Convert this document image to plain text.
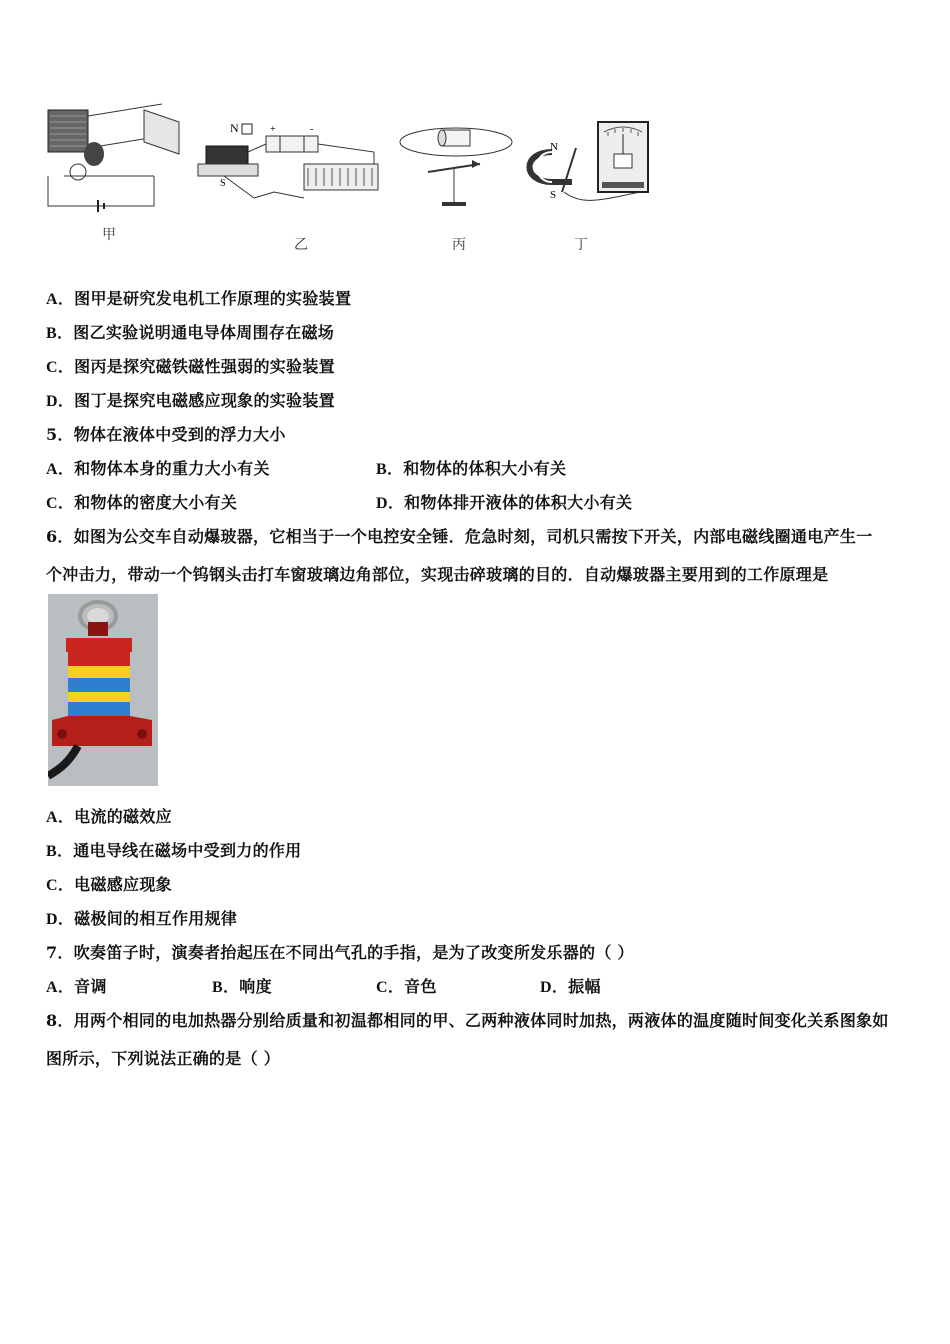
甲
N
S
+	-
乙	丙
N
S
丁
A．图甲是研究发电机工作原理的实验装置
B．图乙实验说明通电导体周围存在磁场
C．图丙是探究磁铁磁性强弱的实验装置
D．图丁是探究电磁感应现象的实验装置
5．物体在液体中受到的浮力大小
A．和物体本身的重力大小有关	B．和物体的体积大小有关
C．和物体的密度大小有关	D．和物体排开液体的体积大小有关
6．如图为公交车自动爆玻器，它相当于一个电控安全锤．危急时刻，司机只需按下开关，内部电磁线圈通电产生一
个冲击力，带动一个钨钢头击打车窗玻璃边角部位，实现击碎玻璃的目的．自动爆玻器主要用到的工作原理是
A．电流的磁效应
B．通电导线在磁场中受到力的作用
C．电磁感应现象
D．磁极间的相互作用规律
7．吹奏笛子时，演奏者抬起压在不同出气孔的手指，是为了改变所发乐器的（ ）
A．音调	B．响度	C．音色	D．振幅
8．用两个相同的电加热器分别给质量和初温都相同的甲、乙两种液体同时加热，两液体的温度随时间变化关系图象如
图所示，下列说法正确的是（ ）
